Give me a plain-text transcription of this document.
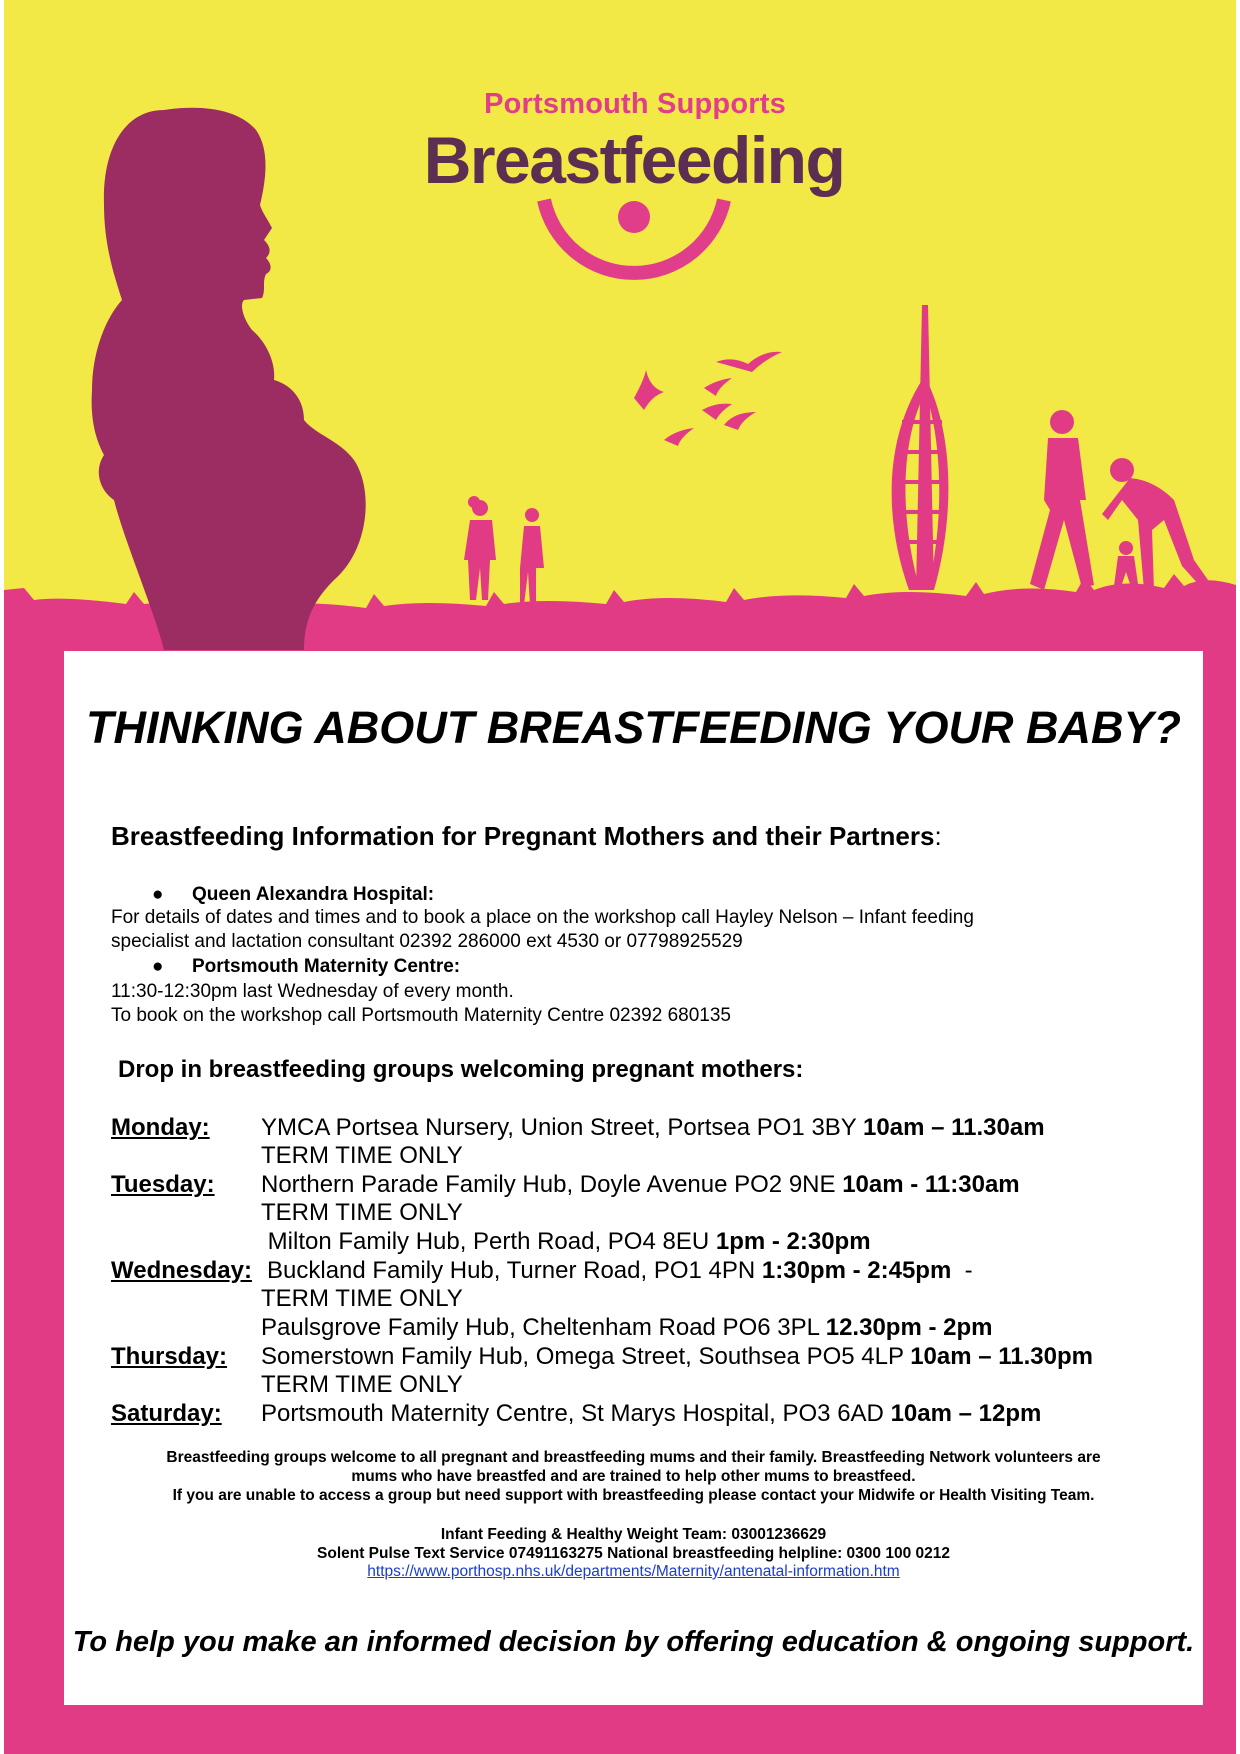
Portsmouth Supports
Breastfeeding
THINKING ABOUT BREASTFEEDING YOUR BABY?
Breastfeeding Information for Pregnant Mothers and their Partners:
● Queen Alexandra Hospital:
For details of dates and times and to book a place on the workshop call Hayley Nelson – Infant feeding
specialist and lactation consultant 02392 286000 ext 4530 or 07798925529
● Portsmouth Maternity Centre:
11:30-12:30pm last Wednesday of every month.
To book on the workshop call Portsmouth Maternity Centre 02392 680135
Drop in breastfeeding groups welcoming pregnant mothers:
Monday: YMCA Portsea Nursery, Union Street, Portsea PO1 3BY 10am – 11.30am
TERM TIME ONLY
Tuesday: Northern Parade Family Hub, Doyle Avenue PO2 9NE 10am - 11:30am
TERM TIME ONLY
Milton Family Hub, Perth Road, PO4 8EU 1pm - 2:30pm
Wednesday: Buckland Family Hub, Turner Road, PO1 4PN 1:30pm - 2:45pm  -
TERM TIME ONLY
Paulsgrove Family Hub, Cheltenham Road PO6 3PL 12.30pm - 2pm
Thursday: Somerstown Family Hub, Omega Street, Southsea PO5 4LP 10am – 11.30pm
TERM TIME ONLY
Saturday: Portsmouth Maternity Centre, St Marys Hospital, PO3 6AD 10am – 12pm
Breastfeeding groups welcome to all pregnant and breastfeeding mums and their family. Breastfeeding Network volunteers are
mums who have breastfed and are trained to help other mums to breastfeed.
If you are unable to access a group but need support with breastfeeding please contact your Midwife or Health Visiting Team.
Infant Feeding & Healthy Weight Team: 03001236629
Solent Pulse Text Service 07491163275 National breastfeeding helpline: 0300 100 0212
https://www.porthosp.nhs.uk/departments/Maternity/antenatal-information.htm
To help you make an informed decision by offering education & ongoing support.
